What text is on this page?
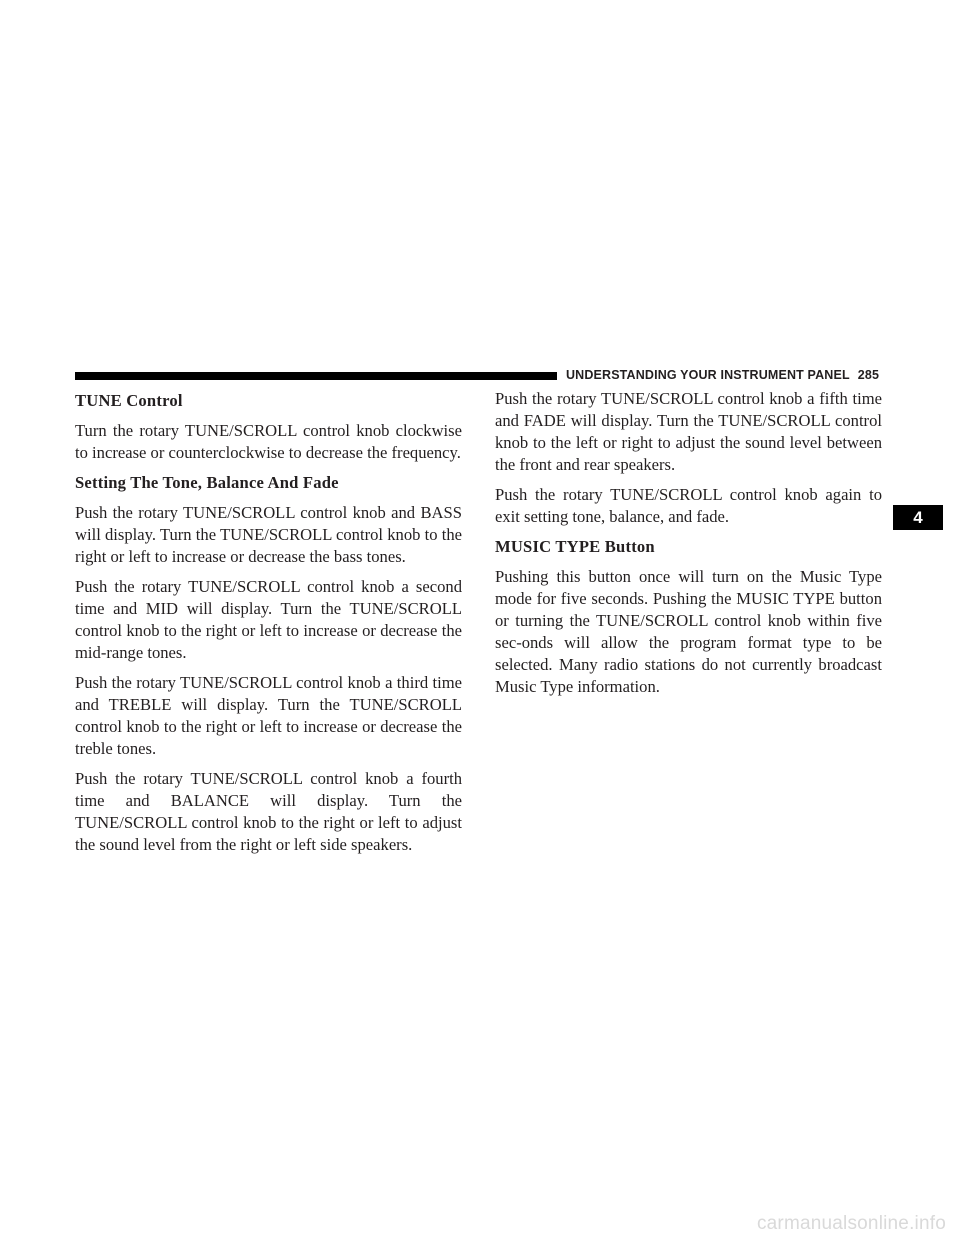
UNDERSTANDING YOUR INSTRUMENT PANEL 285
TUNE Control

Turn the rotary TUNE/SCROLL control knob clockwise to increase or counterclockwise to decrease the frequency.

Setting The Tone, Balance And Fade

Push the rotary TUNE/SCROLL control knob and BASS will display. Turn the TUNE/SCROLL control knob to the right or left to increase or decrease the bass tones.

Push the rotary TUNE/SCROLL control knob a second time and MID will display. Turn the TUNE/SCROLL control knob to the right or left to increase or decrease the mid-range tones.

Push the rotary TUNE/SCROLL control knob a third time and TREBLE will display. Turn the TUNE/SCROLL control knob to the right or left to increase or decrease the treble tones.

Push the rotary TUNE/SCROLL control knob a fourth time and BALANCE will display. Turn the TUNE/SCROLL control knob to the right or left to adjust the sound level from the right or left side speakers.

Push the rotary TUNE/SCROLL control knob a fifth time and FADE will display. Turn the TUNE/SCROLL control knob to the left or right to adjust the sound level between the front and rear speakers.

Push the rotary TUNE/SCROLL control knob again to exit setting tone, balance, and fade.

MUSIC TYPE Button

Pushing this button once will turn on the Music Type mode for five seconds. Pushing the MUSIC TYPE button or turning the TUNE/SCROLL control knob within five sec-onds will allow the program format type to be selected. Many radio stations do not currently broadcast Music Type information.

4
carmanualsonline.info
